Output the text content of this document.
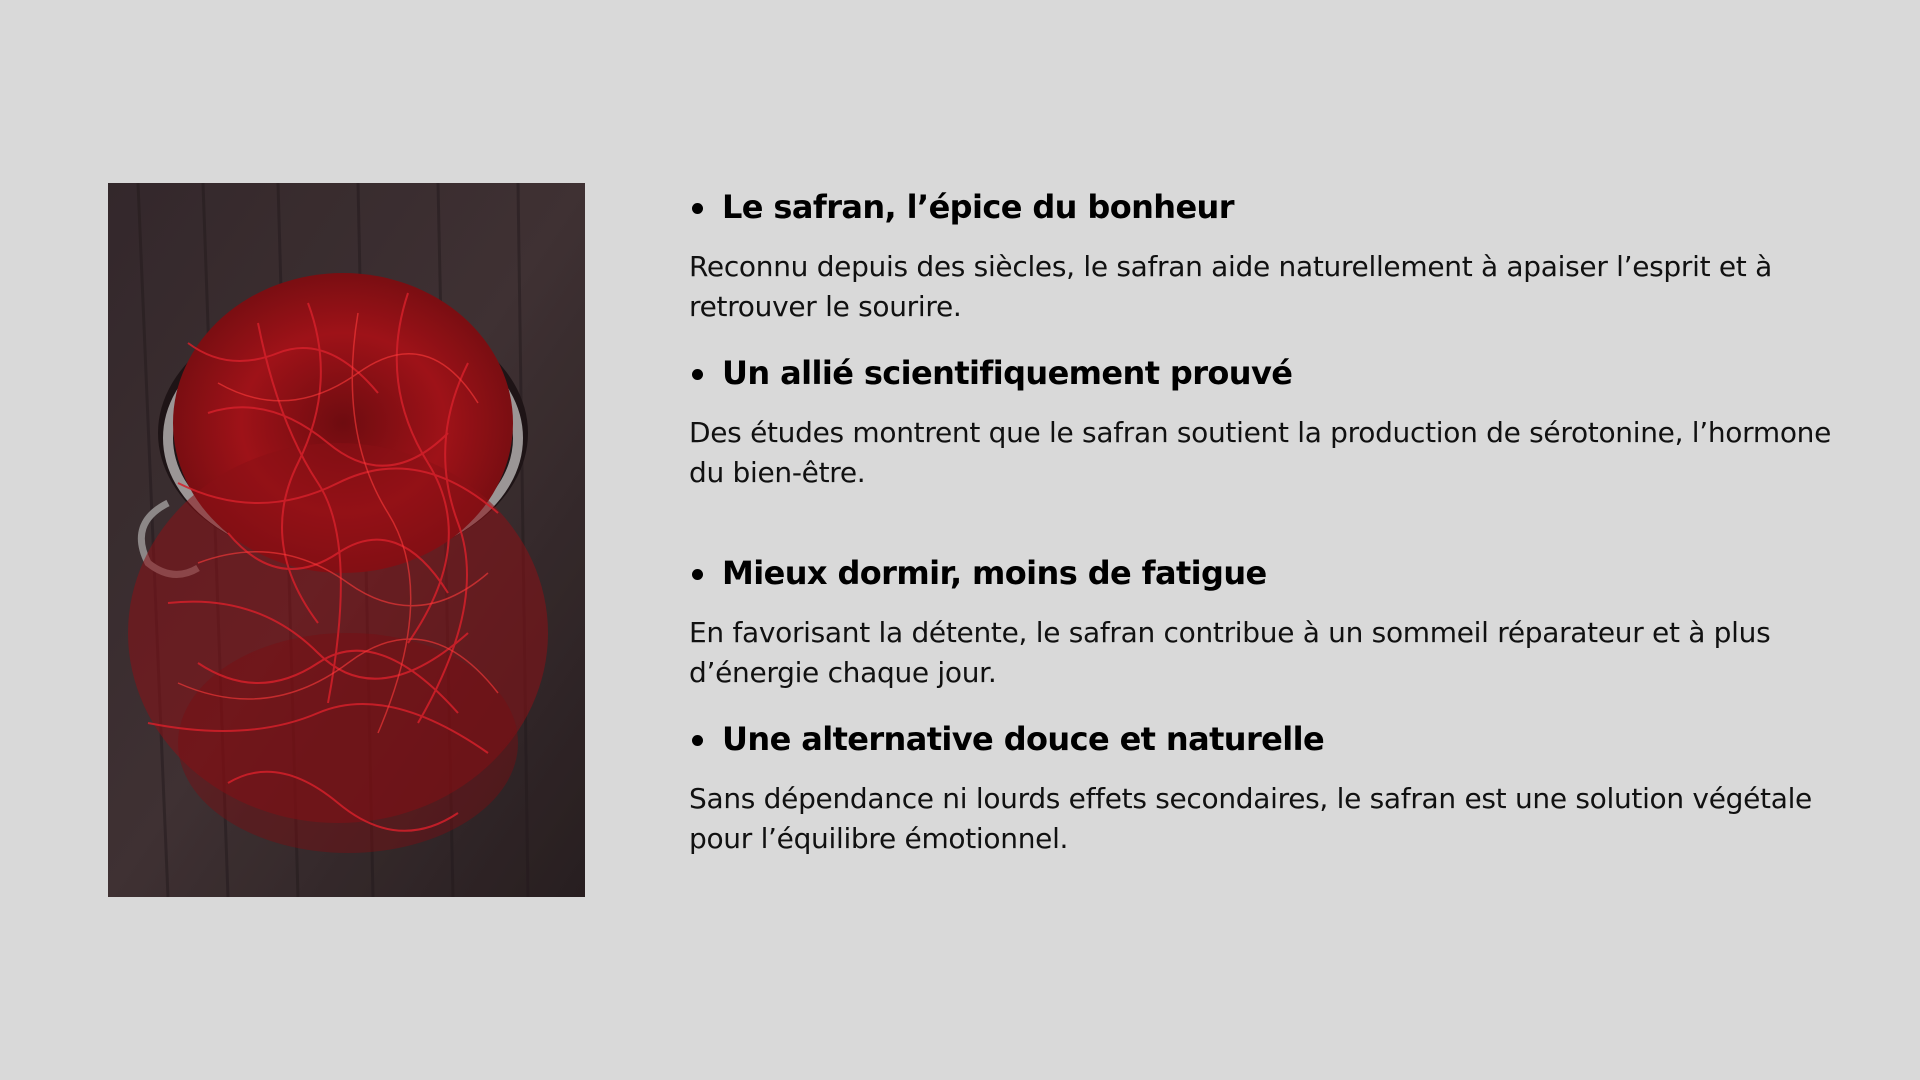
Le safran, l’épice du bonheur
Reconnu depuis des siècles, le safran aide naturellement à apaiser l’esprit et à retrouver le sourire.
Un allié scientifiquement prouvé
Des études montrent que le safran soutient la production de sérotonine, l’hormone du bien-être.
Mieux dormir, moins de fatigue
En favorisant la détente, le safran contribue à un sommeil réparateur et à plus d’énergie chaque jour.
Une alternative douce et naturelle
Sans dépendance ni lourds effets secondaires, le safran est une solution végétale pour l’équilibre émotionnel.
